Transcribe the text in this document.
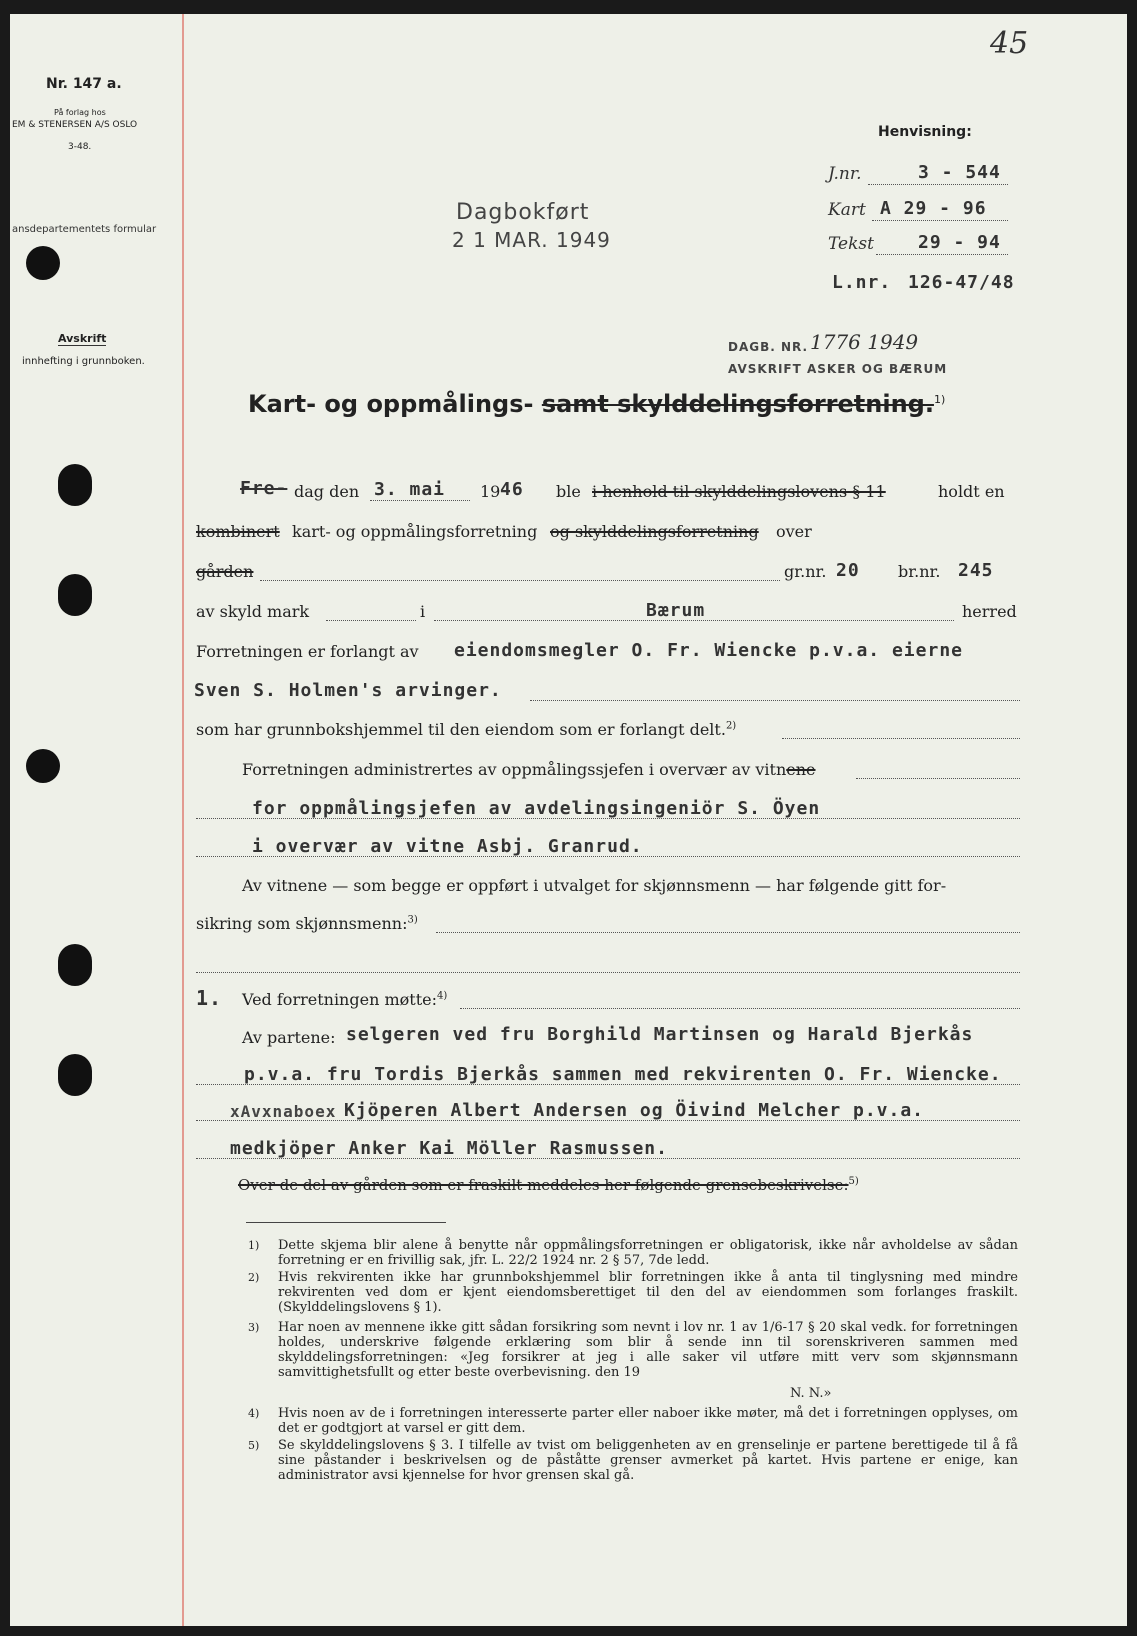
45
Nr. 147 a.
På forlag hos
EM & STENERSEN A/S OSLO
3-48.
ansdepartementets formular
Avskrift
innhefting i grunnboken.
Dagbokført
2 1 MAR. 1949
Henvisning:
J.nr.	3 - 544
Kart A 29 - 96
Tekst 29 - 94
L.nr. 126-47/48
DAGB. NR. 1776 1949
AVSKRIFT ASKER OG BÆRUM
Kart- og oppmålings- samt skylddelingsforretning.$^{1)}$
Fre- dag den 3. mai 19 46 ble i henhold til skylddelingslovens § 11	holdt en
kombinert kart- og oppmålingsforretning og skylddelingsforretning over
gården	gr.nr. 20 br.nr. 245
av skyld mark	i	Bærum	herred
Forretningen er forlangt av eiendomsmegler O. Fr. Wiencke p.v.a. eierne
Sven S. Holmen's arvinger.
som har grunnbokshjemmel til den eiendom som er forlangt delt.$^{2)}$
Forretningen administrertes av oppmålingssjefen i overvær av vitnene
for oppmålingsjefen av avdelingsingeniör S. Öyen
i overvær av vitne Asbj. Granrud.
Av vitnene — som begge er oppført i utvalget for skjønnsmenn — har følgende gitt for-
sikring som skjønnsmenn:$^{3)}$
1. Ved forretningen møtte:$^{4)}$
Av partene: selgeren ved fru Borghild Martinsen og Harald Bjerkås
p.v.a. fru Tordis Bjerkås sammen med rekvirenten O. Fr. Wiencke.
xAvxnaboex Kjöperen Albert Andersen og Öivind Melcher p.v.a.
medkjöper Anker Kai Möller Rasmussen.
Over de del av gården som er fraskilt meddeles her følgende grensebeskrivelse:$^{5)}$
1) Dette skjema blir alene å benytte når oppmålingsforretningen er obligatorisk, ikke når avholdelse av sådan forretning er en frivillig sak, jfr. L. 22/2 1924 nr. 2 § 57, 7de ledd.
2) Hvis rekvirenten ikke har grunnbokshjemmel blir forretningen ikke å anta til tinglysning med mindre rekvirenten ved dom er kjent eiendomsberettiget til den del av eiendommen som forlanges fraskilt. (Skylddelingslovens § 1).
3) Har noen av mennene ikke gitt sådan forsikring som nevnt i lov nr. 1 av 1/6-17 § 20 skal vedk. for forretningen holdes, underskrive følgende erklæring som blir å sende inn til sorenskriveren sammen med skylddelingsforretningen: «Jeg forsikrer at jeg i alle saker vil utføre mitt verv som skjønnsmann samvittighetsfullt og etter beste overbevisning. den 19
N. N.»
4) Hvis noen av de i forretningen interesserte parter eller naboer ikke møter, må det i forretningen opplyses, om det er godtgjort at varsel er gitt dem.
5) Se skylddelingslovens § 3. I tilfelle av tvist om beliggenheten av en grenselinje er partene berettigede til å få sine påstander i beskrivelsen og de påståtte grenser avmerket på kartet. Hvis partene er enige, kan administrator avsi kjennelse for hvor grensen skal gå.
